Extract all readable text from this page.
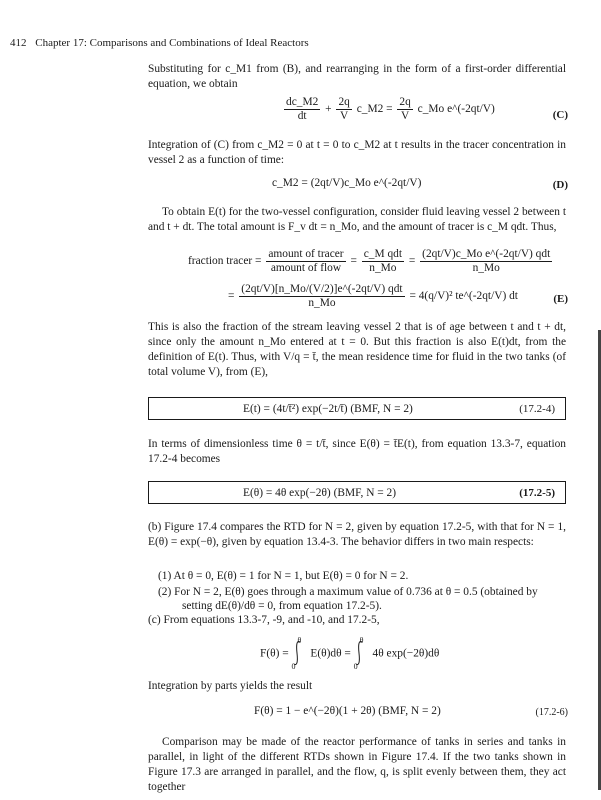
412 Chapter 17: Comparisons and Combinations of Ideal Reactors
Substituting for c_M1 from (B), and rearranging in the form of a first-order differential equation, we obtain
$\frac{dc\_M2}{dt} + \frac{2q}{V}$ c_M2 = $\frac{2q}{V}$ c_Mo e^(-2qt/V)	(C)
Integration of (C) from c_M2 = 0 at t = 0 to c_M2 at t results in the tracer concentration in vessel 2 as a function of time:
c_M2 = (2qt/V)c_Mo e^(-2qt/V)	(D)
To obtain E(t) for the two-vessel configuration, consider fluid leaving vessel 2 between t and t + dt. The total amount is F_v dt = n_Mo, and the amount of tracer is c_M qdt. Thus,
fraction tracer = $\frac{\text{amount of tracer}}{\text{amount of flow}} = \frac{\text{c\_M qdt}}{n\_Mo} = \frac{\text{(2qt/V)c\_Mo e\textasciicircum{}(-2qt/V) qdt}}{n\_Mo}$
= $\frac{\text{(2qt/V)[n\_Mo/(V/2)]e\textasciicircum{}(-2qt/V) qdt}}{n\_Mo} = 4(q/V)^2$ te^(-2qt/V) dt	(E)
This is also the fraction of the stream leaving vessel 2 that is of age between t and t + dt, since only the amount n_Mo entered at t = 0. But this fraction is also E(t)dt, from the definition of E(t). Thus, with V/q = t̄, the mean residence time for fluid in the two tanks (of total volume V), from (E),
E(t) = (4t/t̄²) exp(−2t/t̄) (BMF, N = 2)	(17.2-4)
In terms of dimensionless time θ = t/t̄, since E(θ) = t̄E(t), from equation 13.3-7, equation 17.2-4 becomes
E(θ) = 4θ exp(−2θ) (BMF, N = 2)	(17.2-5)
(b) Figure 17.4 compares the RTD for N = 2, given by equation 17.2-5, with that for N = 1, E(θ) = exp(−θ), given by equation 13.4-3. The behavior differs in two main respects:
(1) At θ = 0, E(θ) = 1 for N = 1, but E(θ) = 0 for N = 2.
(2) For N = 2, E(θ) goes through a maximum value of 0.736 at θ = 0.5 (obtained by
setting dE(θ)/dθ = 0, from equation 17.2-5).
(c) From equations 13.3-7, -9, and -10, and 17.2-5,
F(θ) =
θ
0
E(θ)dθ =
θ
0
4θ exp(−2θ)dθ
Integration by parts yields the result
F(θ) = 1 − e^(−2θ)(1 + 2θ) (BMF, N = 2)	(17.2-6)
Comparison may be made of the reactor performance of tanks in series and tanks in parallel, in light of the different RTDs shown in Figure 17.4. If the two tanks shown in Figure 17.3 are arranged in parallel, and the flow, q, is split evenly between them, they act together
